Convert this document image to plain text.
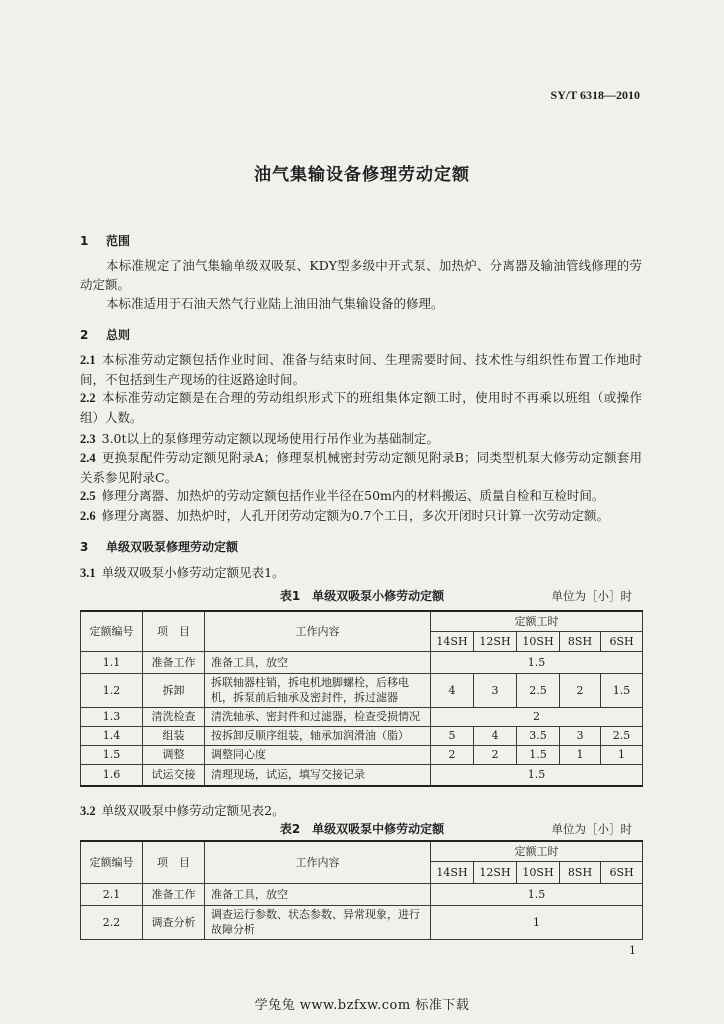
SY/T 6318—2010
油气集输设备修理劳动定额
1 范围
本标准规定了油气集输单级双吸泵、KDY型多级中开式泵、加热炉、分离器及输油管线修理的劳动定额。
本标准适用于石油天然气行业陆上油田油气集输设备的修理。
2 总则
2.1 本标准劳动定额包括作业时间、准备与结束时间、生理需要时间、技术性与组织性布置工作地时间，不包括到生产现场的往返路途时间。
2.2 本标准劳动定额是在合理的劳动组织形式下的班组集体定额工时，使用时不再乘以班组（或操作组）人数。
2.3 3.0t以上的泵修理劳动定额以现场使用行吊作业为基础制定。
2.4 更换泵配件劳动定额见附录A；修理泵机械密封劳动定额见附录B；同类型机泵大修劳动定额套用关系参见附录C。
2.5 修理分离器、加热炉的劳动定额包括作业半径在50m内的材料搬运、质量自检和互检时间。
2.6 修理分离器、加热炉时，人孔开闭劳动定额为0.7个工日，多次开闭时只计算一次劳动定额。
3 单级双吸泵修理劳动定额
3.1 单级双吸泵小修劳动定额见表1。
表1　单级双吸泵小修劳动定额	单位为［小］时
定额编号	项　目	工作内容	定额工时				
			14SH	12SH	10SH	8SH	6SH
1.1	准备工作	准备工具，放空	1.5				
1.2	拆卸	拆联轴器柱销，拆电机地脚螺栓，后移电机，拆泵前后轴承及密封件，拆过滤器	4	3	2.5	2	1.5
1.3	清洗检查	清洗轴承、密封件和过滤器，检查受损情况	2				
1.4	组装	按拆卸反顺序组装，轴承加润滑油（脂）	5	4	3.5	3	2.5
1.5	调整	调整同心度	2	2	1.5	1	1
1.6	试运交接	清理现场，试运，填写交接记录	1.5				
3.2 单级双吸泵中修劳动定额见表2。
表2　单级双吸泵中修劳动定额	单位为［小］时
定额编号	项　目	工作内容	定额工时				
			14SH	12SH	10SH	8SH	6SH
2.1	准备工作	准备工具，放空	1.5				
2.2	调查分析	调查运行参数、状态参数、异常现象，进行故障分析	1				
1
学兔兔 www.bzfxw.com 标准下载
